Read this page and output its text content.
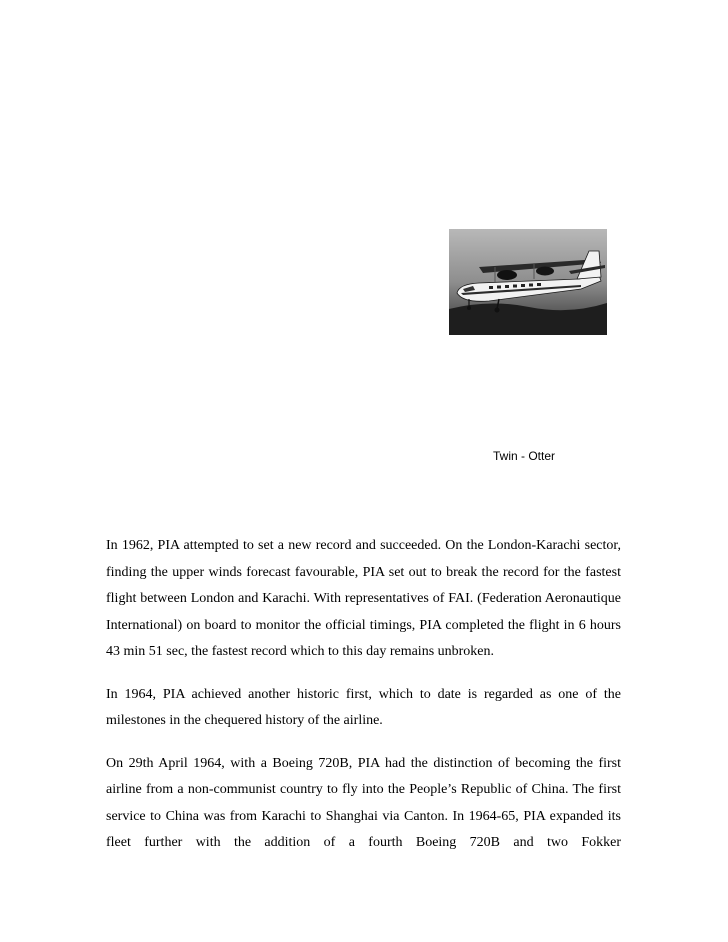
Twin - Otter

In 1962, PIA attempted to set a new record and succeeded. On the London-Karachi sector, finding the upper winds forecast favourable, PIA set out to break the record for the fastest flight between London and Karachi. With representatives of FAI. (Federation Aeronautique International) on board to monitor the official timings, PIA completed the flight in 6 hours 43 min 51 sec, the fastest record which to this day remains unbroken.

In 1964, PIA achieved another historic first, which to date is regarded as one of the milestones in the chequered history of the airline.

On 29th April 1964, with a Boeing 720B, PIA had the distinction of becoming the first airline from a non-communist country to fly into the People’s Republic of China. The first service to China was from Karachi to Shanghai via Canton. In 1964-65, PIA expanded its fleet further with the addition of a fourth Boeing 720B and two Fokker
